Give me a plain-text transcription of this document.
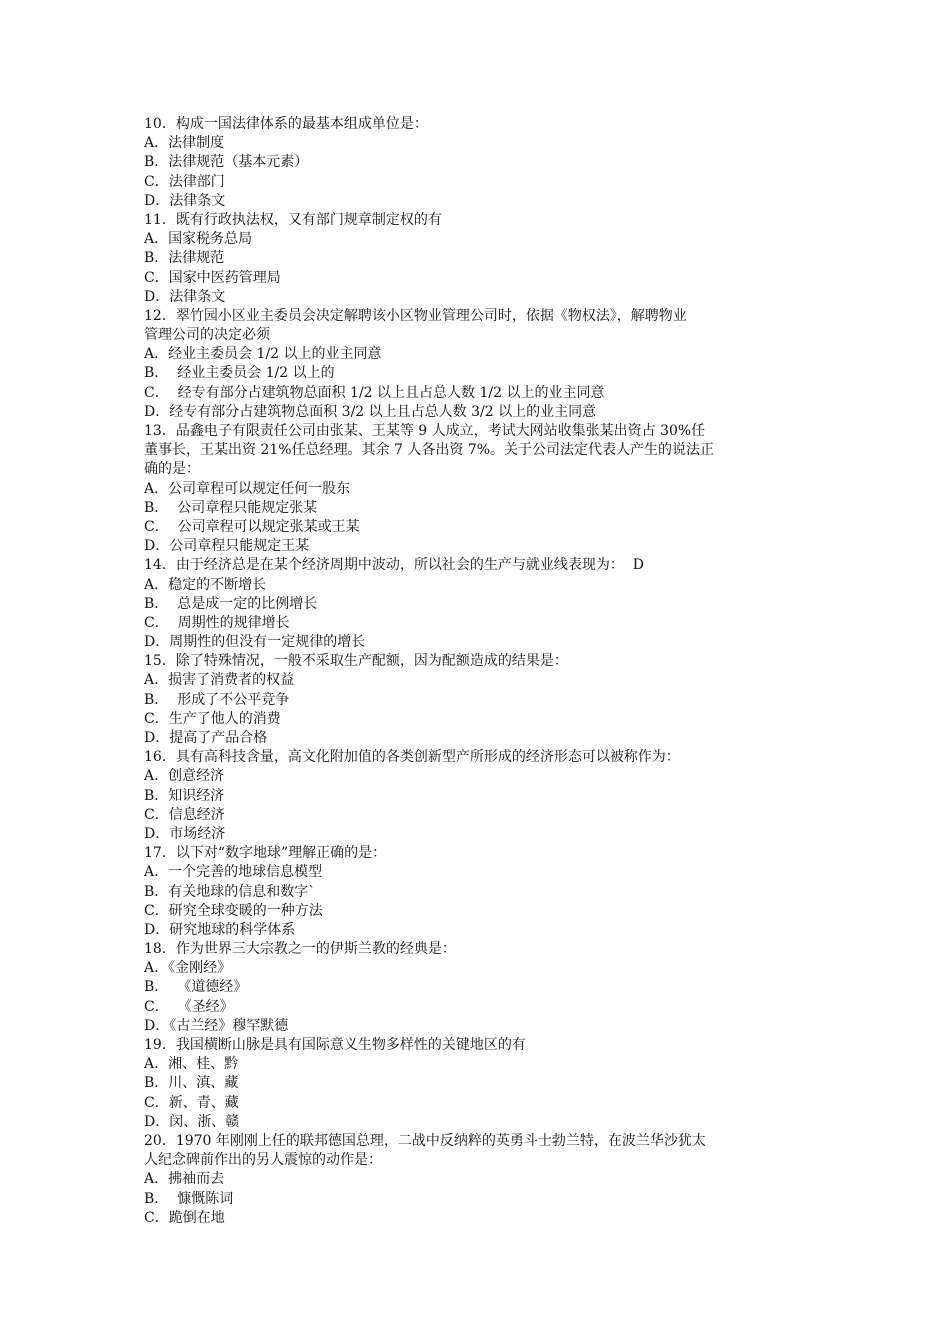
10．构成一国法律体系的最基本组成单位是：

A．法律制度

B．法律规范（基本元素）

C．法律部门

D．法律条文

11．既有行政执法权，又有部门规章制定权的有

A．国家税务总局

B．法律规范

C．国家中医药管理局

D．法律条文

12．翠竹园小区业主委员会决定解聘该小区物业管理公司时，依据《物权法》，解聘物业

管理公司的决定必须

A．经业主委员会 1/2 以上的业主同意

B．  经业主委员会 1/2 以上的

C．  经专有部分占建筑物总面积 1/2 以上且占总人数 1/2 以上的业主同意

D．经专有部分占建筑物总面积 3/2 以上且占总人数 3/2 以上的业主同意

13．品鑫电子有限责任公司由张某、王某等 9 人成立，考试大网站收集张某出资占 30%任

董事长，王某出资 21%任总经理。其余 7 人各出资 7%。关于公司法定代表人产生的说法正

确的是：

A．公司章程可以规定任何一股东

B．  公司章程只能规定张某

C．  公司章程可以规定张某或王某

D．公司章程只能规定王某

14．由于经济总是在某个经济周期中波动，所以社会的生产与就业线表现为：  D

A．稳定的不断增长

B．  总是成一定的比例增长

C．  周期性的规律增长

D．周期性的但没有一定规律的增长

15．除了特殊情况，一般不采取生产配额，因为配额造成的结果是：

A．损害了消费者的权益

B．  形成了不公平竞争

C．生产了他人的消费

D．提高了产品合格

16．具有高科技含量，高文化附加值的各类创新型产所形成的经济形态可以被称作为：

A．创意经济

B．知识经济

C．信息经济

D．市场经济

17．以下对“数字地球”理解正确的是：

A．一个完善的地球信息模型

B．有关地球的信息和数字`

C．研究全球变暖的一种方法

D．研究地球的科学体系

18．作为世界三大宗教之一的伊斯兰教的经典是：

A．《金刚经》

B．  《道德经》

C．  《圣经》

D．《古兰经》穆罕默德

19．我国横断山脉是具有国际意义生物多样性的关键地区的有

A．湘、桂、黔

B．川、滇、藏

C．新、青、藏

D．闵、浙、赣

20．1970 年刚刚上任的联邦德国总理，二战中反纳粹的英勇斗士勃兰特，在波兰华沙犹太

人纪念碑前作出的另人震惊的动作是：

A．拂袖而去

B．  慷慨陈词

C．跪倒在地
